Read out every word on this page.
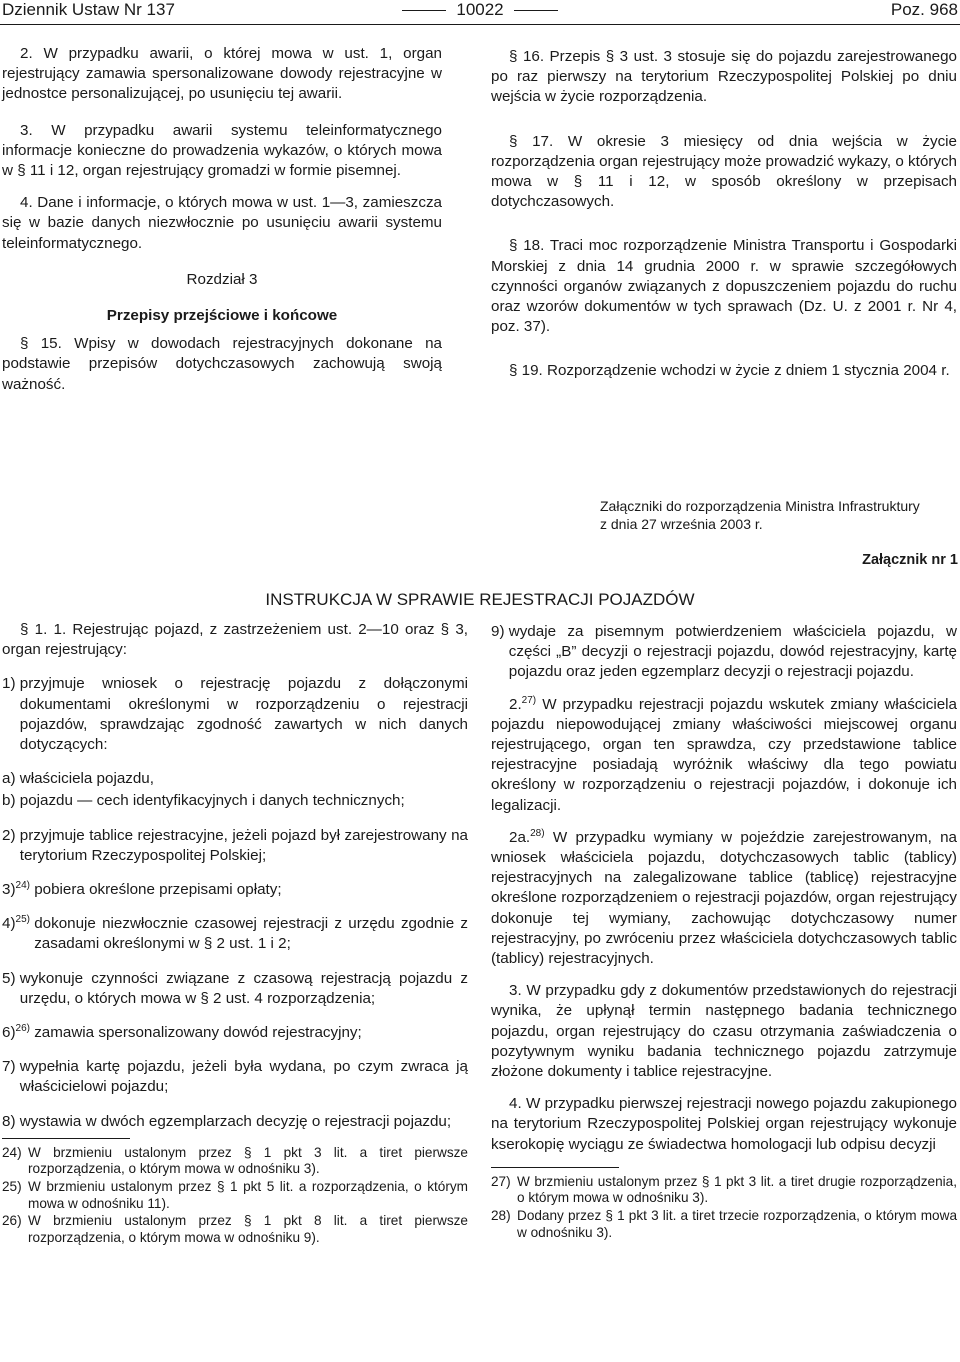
Dziennik Ustaw Nr 137	10022	Poz. 968

2. W przypadku awarii, o której mowa w ust. 1, organ rejestrujący zamawia spersonalizowane dowody rejestracyjne w jednostce personalizującej, po usunięciu tej awarii.

3. W przypadku awarii systemu teleinformatycznego informacje konieczne do prowadzenia wykazów, o których mowa w § 11 i 12, organ rejestrujący gromadzi w formie pisemnej.

4. Dane i informacje, o których mowa w ust. 1—3, zamieszcza się w bazie danych niezwłocznie po usunięciu awarii systemu teleinformatycznego.

Rozdział 3

Przepisy przejściowe i końcowe

§ 15. Wpisy w dowodach rejestracyjnych dokonane na podstawie przepisów dotychczasowych zachowują swoją ważność.

§ 16. Przepis § 3 ust. 3 stosuje się do pojazdu zarejestrowanego po raz pierwszy na terytorium Rzeczypospolitej Polskiej po dniu wejścia w życie rozporządzenia.

§ 17. W okresie 3 miesięcy od dnia wejścia w życie rozporządzenia organ rejestrujący może prowadzić wykazy, o których mowa w § 11 i 12, w sposób określony w przepisach dotychczasowych.

§ 18. Traci moc rozporządzenie Ministra Transportu i Gospodarki Morskiej z dnia 14 grudnia 2000 r. w sprawie szczegółowych czynności organów związanych z dopuszczeniem pojazdu do ruchu oraz wzorów dokumentów w tych sprawach (Dz. U. z 2001 r. Nr 4, poz. 37).

§ 19. Rozporządzenie wchodzi w życie z dniem 1 stycznia 2004 r.

Załączniki do rozporządzenia Ministra Infrastruktury
z dnia 27 września 2003 r.
Załącznik nr 1
INSTRUKCJA W SPRAWIE REJESTRACJI POJAZDÓW

§ 1. 1. Rejestrując pojazd, z zastrzeżeniem ust. 2—10 oraz § 3, organ rejestrujący:

1)
przyjmuje wniosek o rejestrację pojazdu z dołączonymi dokumentami określonymi w rozporządzeniu o rejestracji pojazdów, sprawdzając zgodność zawartych w nich danych dotyczących:
a)
właściciela pojazdu,
b)
pojazdu — cech identyfikacyjnych i danych technicznych;
2)
przyjmuje tablice rejestracyjne, jeżeli pojazd był zarejestrowany na terytorium Rzeczypospolitej Polskiej;
3)$^{24)}$
pobiera określone przepisami opłaty;
4)$^{25)}$
dokonuje niezwłocznie czasowej rejestracji z urzędu zgodnie z zasadami określonymi w § 2 ust. 1 i 2;
5)
wykonuje czynności związane z czasową rejestracją pojazdu z urzędu, o których mowa w § 2 ust. 4 rozporządzenia;
6)$^{26)}$
zamawia spersonalizowany dowód rejestracyjny;
7)
wypełnia kartę pojazdu, jeżeli była wydana, po czym zwraca ją właścicielowi pojazdu;
8)
wystawia w dwóch egzemplarzach decyzję o rejestracji pojazdu;
24) W brzmieniu ustalonym przez § 1 pkt 3 lit. a tiret pierwsze rozporządzenia, o którym mowa w odnośniku 3).
25) W brzmieniu ustalonym przez § 1 pkt 5 lit. a rozporządzenia, o którym mowa w odnośniku 11).
26) W brzmieniu ustalonym przez § 1 pkt 8 lit. a tiret pierwsze rozporządzenia, o którym mowa w odnośniku 9).
9)
wydaje za pisemnym potwierdzeniem właściciela pojazdu, w części „B” decyzji o rejestracji pojazdu, dowód rejestracyjny, kartę pojazdu oraz jeden egzemplarz decyzji o rejestracji pojazdu.

2.$^{27)}$ W przypadku rejestracji pojazdu wskutek zmiany właściciela pojazdu niepowodującej zmiany właściwości miejscowej organu rejestrującego, organ ten sprawdza, czy przedstawione tablice rejestracyjne posiadają wyróżnik właściwy dla tego powiatu określony w rozporządzeniu o rejestracji pojazdów, i dokonuje ich legalizacji.

2a.$^{28)}$ W przypadku wymiany w pojeździe zarejestrowanym, na wniosek właściciela pojazdu, dotychczasowych tablic (tablicy) rejestracyjnych na zalegalizowane tablice (tablicę) rejestracyjne określone rozporządzeniem o rejestracji pojazdów, organ rejestrujący dokonuje tej wymiany, zachowując dotychczasowy numer rejestracyjny, po zwróceniu przez właściciela dotychczasowych tablic (tablicy) rejestracyjnych.

3. W przypadku gdy z dokumentów przedstawionych do rejestracji wynika, że upłynął termin następnego badania technicznego pojazdu, organ rejestrujący do czasu otrzymania zaświadczenia o pozytywnym wyniku badania technicznego pojazdu zatrzymuje złożone dokumenty i tablice rejestracyjne.

4. W przypadku pierwszej rejestracji nowego pojazdu zakupionego na terytorium Rzeczypospolitej Polskiej organ rejestrujący wykonuje kserokopię wyciągu ze świadectwa homologacji lub odpisu decyzji

27) W brzmieniu ustalonym przez § 1 pkt 3 lit. a tiret drugie rozporządzenia, o którym mowa w odnośniku 3).
28) Dodany przez § 1 pkt 3 lit. a tiret trzecie rozporządzenia, o którym mowa w odnośniku 3).
